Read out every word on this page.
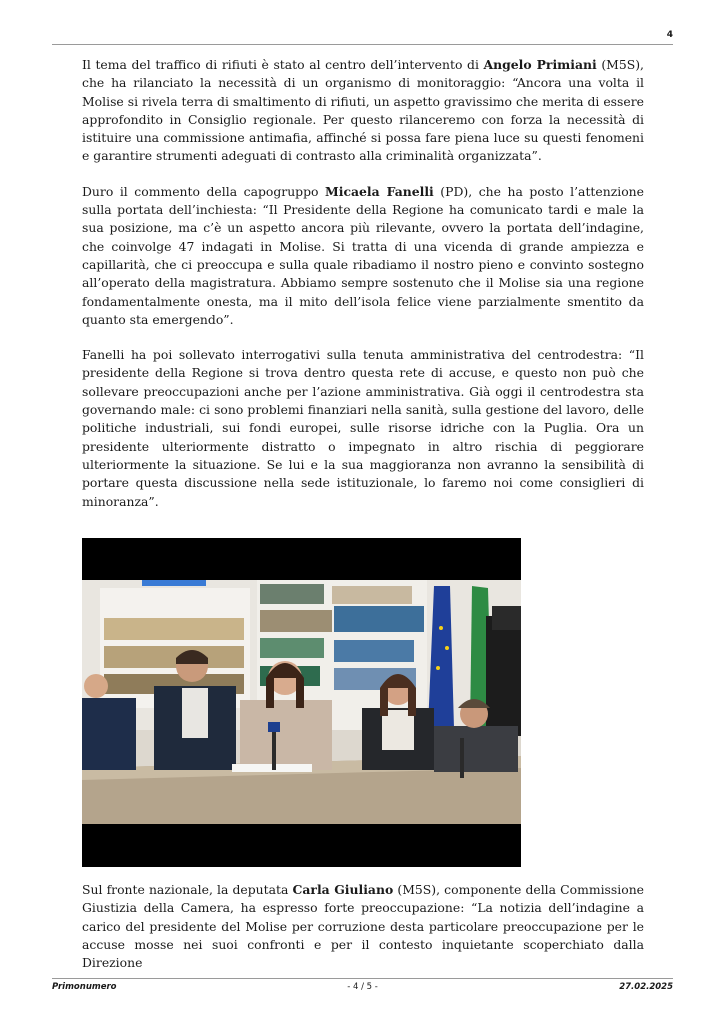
4

Il tema del traffico di rifiuti è stato al centro dell’intervento di Angelo Primiani (M5S), che ha rilanciato la necessità di un organismo di monitoraggio: “Ancora una volta il Molise si rivela terra di smaltimento di rifiuti, un aspetto gravissimo che merita di essere approfondito in Consiglio regionale. Per questo rilanceremo con forza la necessità di istituire una commissione antimafia, affinché si possa fare piena luce su questi fenomeni e garantire strumenti adeguati di contrasto alla criminalità organizzata”.

Duro il commento della capogruppo Micaela Fanelli (PD), che ha posto l’attenzione sulla portata dell’inchiesta: “Il Presidente della Regione ha comunicato tardi e male la sua posizione, ma c’è un aspetto ancora più rilevante, ovvero la portata dell’indagine, che coinvolge 47 indagati in Molise. Si tratta di una vicenda di grande ampiezza e capillarità, che ci preoccupa e sulla quale ribadiamo il nostro pieno e convinto sostegno all’operato della magistratura. Abbiamo sempre sostenuto che il Molise sia una regione fondamentalmente onesta, ma il mito dell’isola felice viene parzialmente smentito da quanto sta emergendo”.

Fanelli ha poi sollevato interrogativi sulla tenuta amministrativa del centrodestra: “Il presidente della Regione si trova dentro questa rete di accuse, e questo non può che sollevare preoccupazioni anche per l’azione amministrativa. Già oggi il centrodestra sta governando male: ci sono problemi finanziari nella sanità, sulla gestione del lavoro, delle politiche industriali, sui fondi europei, sulle risorse idriche con la Puglia. Ora un presidente ulteriormente distratto o impegnato in altro rischia di peggiorare ulteriormente la situazione. Se lui e la sua maggioranza non avranno la sensibilità di portare questa discussione nella sede istituzionale, lo faremo noi come consiglieri di minoranza”.

Sul fronte nazionale, la deputata Carla Giuliano (M5S), componente della Commissione Giustizia della Camera, ha espresso forte preoccupazione: “La notizia dell’indagine a carico del presidente del Molise per corruzione desta particolare preoccupazione per le accuse mosse nei suoi confronti e per il contesto inquietante scoperchiato dalla Direzione

Primonumero	- 4 / 5 -	27.02.2025
